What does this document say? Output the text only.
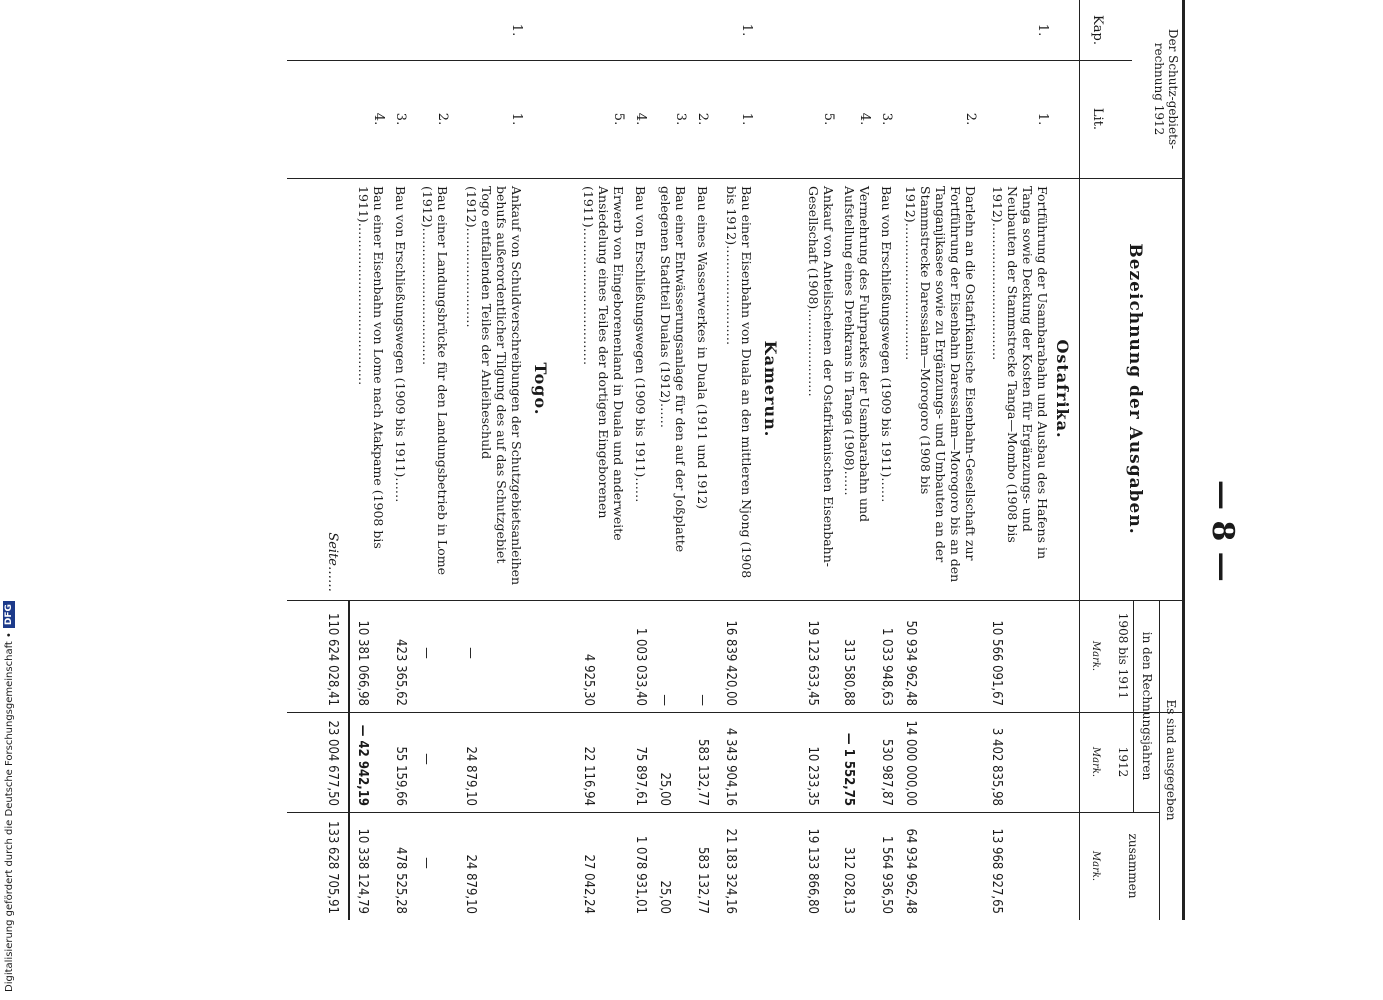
— 8 —
Der Schutz-gebiets-rechnung 1912
Kap.
Lit.
Bezeichnung der Ausgaben.
Es sind ausgegeben
in den Rechnungsjahren
1908 bis 1911
1912
zusammen
Mark.
Mark.
Mark.
Ostafrika.
1.
1.
Fortführung der Usambarabahn und Ausbau des Hafens in Tanga sowie Deckung der Kosten für Ergänzungs- und Neubauten der Stammstrecke Tanga—Mombo (1908 bis 1912)……………………………
10 566 091,67
3 402 835,98
13 968 927,65
2.
Darlehn an die Ostafrikanische Eisenbahn-Gesellschaft zur Fortführung der Eisenbahn Daressalam—Morogoro bis an den Tanganjikasee sowie zu Ergänzungs- und Umbauten an der Stammstrecke Daressalam—Morogoro (1908 bis 1912)……………………………
50 934 962,48
14 000 000,00
64 934 962,48
3.
Bau von Erschließungswegen (1909 bis 1911)……
1 033 948,63
530 987,87
1 564 936,50
4.
Vermehrung des Fuhrparkes der Usambarabahn und Aufstellung eines Drehkrans in Tanga (1908)……
313 580,88
— 1 552,75
312 028,13
5.
Ankauf von Anteilscheinen der Ostafrikanischen Eisenbahn-Gesellschaft (1908)…………………
19 123 633,45
10 233,35
19 133 866,80
Kamerun.
1.
1.
Bau einer Eisenbahn von Duala an den mittleren Njong (1908 bis 1912)……………………
16 839 420,00
4 343 904,16
21 183 324,16
2.
Bau eines Wasserwerkes in Duala (1911 und 1912)
—
583 132,77
583 132,77
3.
Bau einer Entwässerungsanlage für den auf der Joßplatte gelegenen Stadtteil Dualas (1912)……
—
25,00
25,00
4.
Bau von Erschließungswegen (1909 bis 1911)……
1 003 033,40
75 897,61
1 078 931,01
5.
Erwerb von Eingeborenenland in Duala und anderweite Ansiedelung eines Teiles der dortigen Eingeborenen (1911)……………………………
4 925,30
22 116,94
27 042,24
Togo.
1.
1.
Ankauf von Schuldverschreibungen der Schutzgebietsanleihen behufs außerordentlicher Tilgung des auf das Schutzgebiet Togo entfallenden Teiles der Anleiheschuld (1912)……………………
—
24 879,10
24 879,10
2.
Bau einer Landungsbrücke für den Landungsbetrieb in Lome (1912)……………………………
—
—
—
3.
Bau von Erschließungswegen (1909 bis 1911)……
423 365,62
55 159,66
478 525,28
4.
Bau einer Eisenbahn von Lome nach Atakpame (1908 bis 1911)…………………………………
10 381 066,98
— 42 942,19
10 338 124,79
Seite……
110 624 028,41
23 004 677,50
133 628 705,91
Digitalisierung gefördert durch die Deutsche Forschungsgemeinschaft •
DFG
